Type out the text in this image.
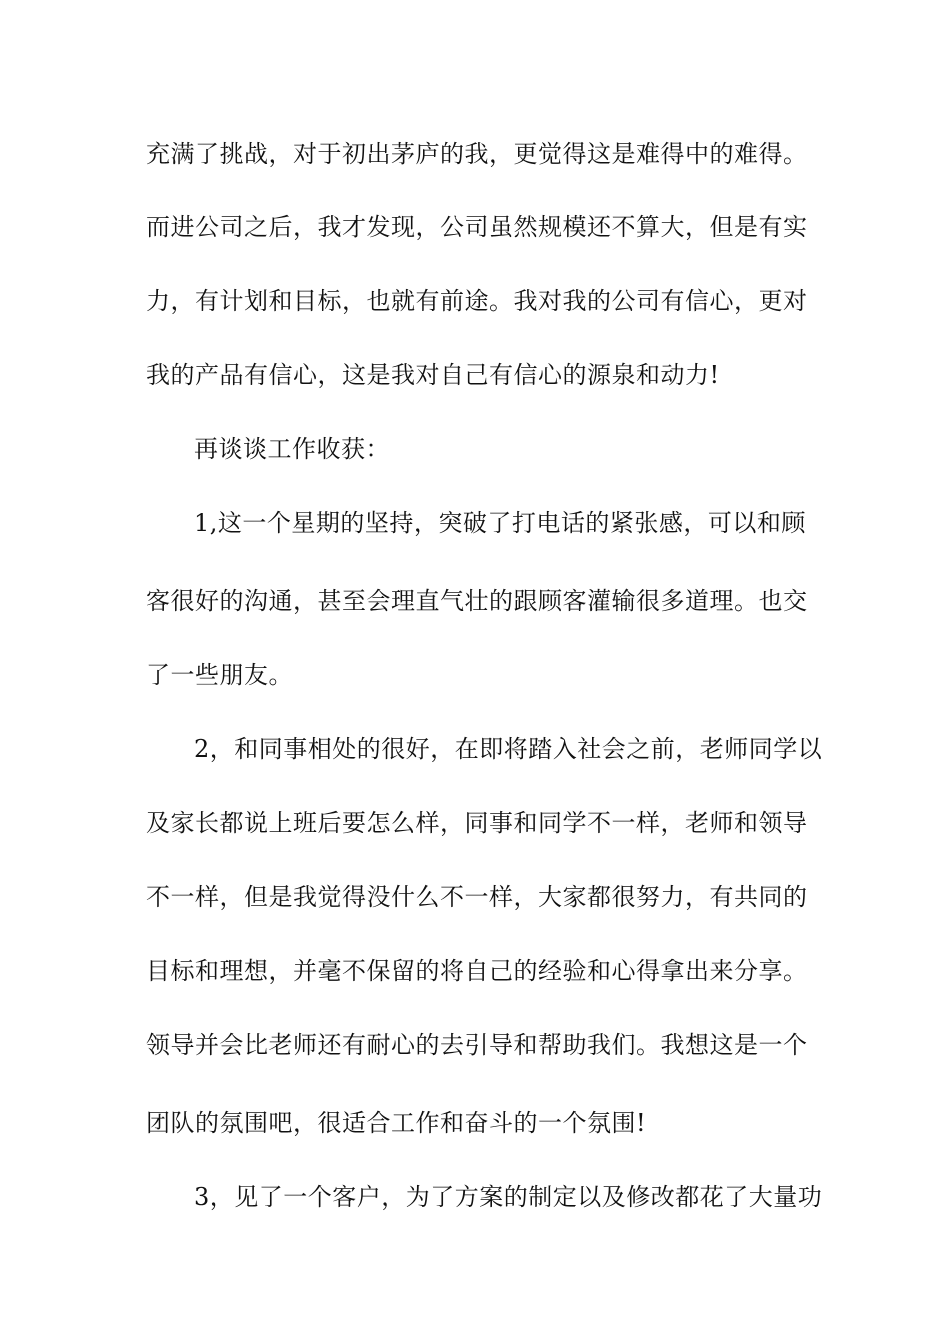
充满了挑战，对于初出茅庐的我，更觉得这是难得中的难得。
而进公司之后，我才发现，公司虽然规模还不算大，但是有实
力，有计划和目标，也就有前途。我对我的公司有信心，更对
我的产品有信心，这是我对自己有信心的源泉和动力!
再谈谈工作收获：
1,这一个星期的坚持，突破了打电话的紧张感，可以和顾
客很好的沟通，甚至会理直气壮的跟顾客灌输很多道理。也交
了一些朋友。
2，和同事相处的很好，在即将踏入社会之前，老师同学以
及家长都说上班后要怎么样，同事和同学不一样，老师和领导
不一样，但是我觉得没什么不一样，大家都很努力，有共同的
目标和理想，并毫不保留的将自己的经验和心得拿出来分享。
领导并会比老师还有耐心的去引导和帮助我们。我想这是一个
团队的氛围吧，很适合工作和奋斗的一个氛围!
3，见了一个客户，为了方案的制定以及修改都花了大量功
